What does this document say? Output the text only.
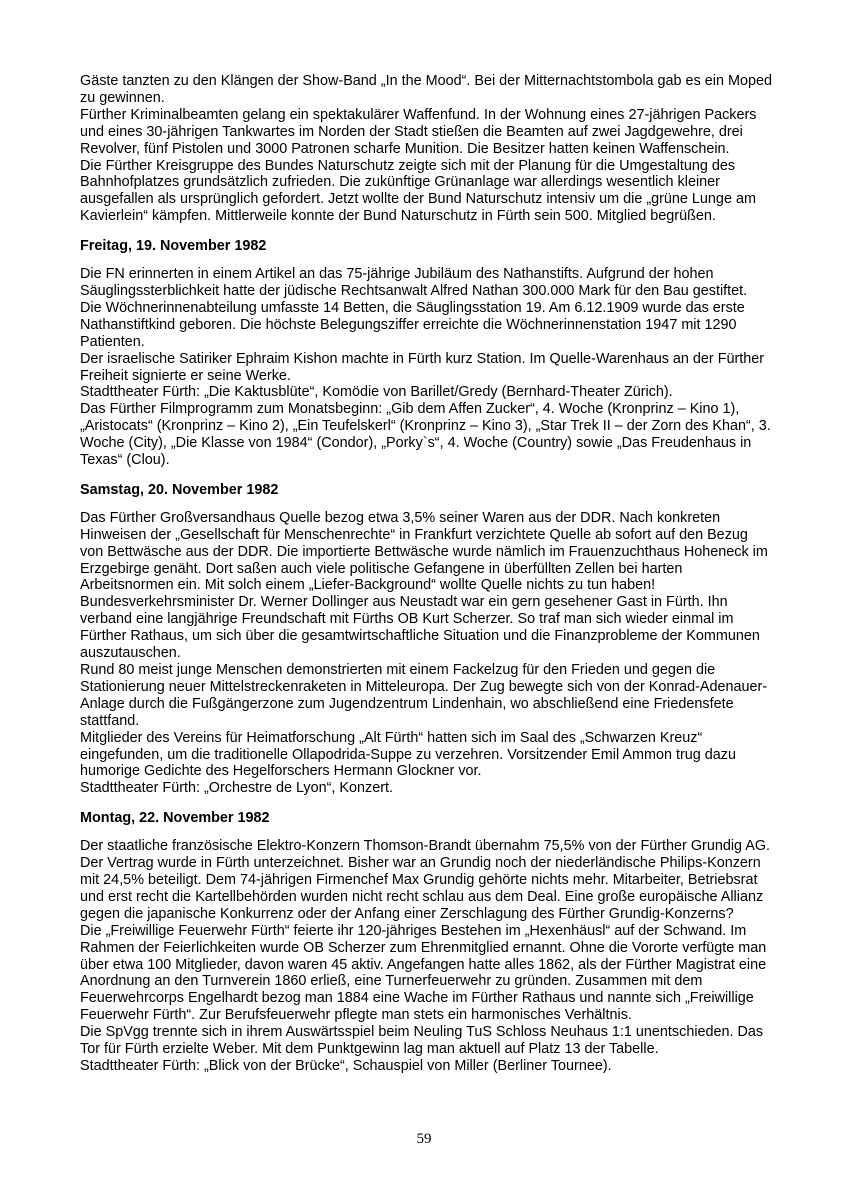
Gäste tanzten zu den Klängen der Show-Band „In the Mood“. Bei der Mitternachtstombola gab es ein Moped zu gewinnen.

Fürther Kriminalbeamten gelang ein spektakulärer Waffenfund. In der Wohnung eines 27-jährigen Packers und eines 30-jährigen Tankwartes im Norden der Stadt stießen die Beamten auf zwei Jagdgewehre, drei Revolver, fünf Pistolen und 3000 Patronen scharfe Munition. Die Besitzer hatten keinen Waffenschein.

Die Fürther Kreisgruppe des Bundes Naturschutz zeigte sich mit der Planung für die Umgestaltung des Bahnhofplatzes grundsätzlich zufrieden. Die zukünftige Grünanlage war allerdings wesentlich kleiner ausgefallen als ursprünglich gefordert. Jetzt wollte der Bund Naturschutz intensiv um die „grüne Lunge am Kavierlein“ kämpfen. Mittlerweile konnte der Bund Naturschutz in Fürth sein 500. Mitglied begrüßen.

Freitag, 19. November 1982

Die FN erinnerten in einem Artikel an das 75-jährige Jubiläum des Nathanstifts. Aufgrund der hohen Säuglingssterblichkeit hatte der jüdische Rechtsanwalt Alfred Nathan 300.000 Mark für den Bau gestiftet. Die Wöchnerinnenabteilung umfasste 14 Betten, die Säuglingsstation 19. Am 6.12.1909 wurde das erste Nathanstiftkind geboren. Die höchste Belegungsziffer erreichte die Wöchnerinnenstation 1947 mit 1290 Patienten.

Der israelische Satiriker Ephraim Kishon machte in Fürth kurz Station. Im Quelle-Warenhaus an der Fürther Freiheit signierte er seine Werke.

Stadttheater Fürth: „Die Kaktusblüte“, Komödie von Barillet/Gredy (Bernhard-Theater Zürich).

Das Fürther Filmprogramm zum Monatsbeginn: „Gib dem Affen Zucker“, 4. Woche (Kronprinz – Kino 1), „Aristocats“ (Kronprinz – Kino 2), „Ein Teufelskerl“ (Kronprinz – Kino 3), „Star Trek II – der Zorn des Khan“, 3. Woche (City), „Die Klasse von 1984“ (Condor), „Porky`s“, 4. Woche (Country) sowie „Das Freudenhaus in Texas“ (Clou).

Samstag, 20. November 1982

Das Fürther Großversandhaus Quelle bezog etwa 3,5% seiner Waren aus der DDR. Nach konkreten Hinweisen der „Gesellschaft für Menschenrechte“ in Frankfurt verzichtete Quelle ab sofort auf den Bezug von Bettwäsche aus der DDR. Die importierte Bettwäsche wurde nämlich im Frauenzuchthaus Hoheneck im Erzgebirge genäht. Dort saßen auch viele politische Gefangene in überfüllten Zellen bei harten Arbeitsnormen ein. Mit solch einem „Liefer-Background“ wollte Quelle nichts zu tun haben!

Bundesverkehrsminister Dr. Werner Dollinger aus Neustadt war ein gern gesehener Gast in Fürth. Ihn verband eine langjährige Freundschaft mit Fürths OB Kurt Scherzer. So traf man sich wieder einmal im Fürther Rathaus, um sich über die gesamtwirtschaftliche Situation und die Finanzprobleme der Kommunen auszutauschen.

Rund 80 meist junge Menschen demonstrierten mit einem Fackelzug für den Frieden und gegen die Stationierung neuer Mittelstreckenraketen in Mitteleuropa. Der Zug bewegte sich von der Konrad-Adenauer-Anlage durch die Fußgängerzone zum Jugendzentrum Lindenhain, wo abschließend eine Friedensfete stattfand.

Mitglieder des Vereins für Heimatforschung „Alt Fürth“ hatten sich im Saal des „Schwarzen Kreuz“ eingefunden, um die traditionelle Ollapodrida-Suppe zu verzehren. Vorsitzender Emil Ammon trug dazu humorige Gedichte des Hegelforschers Hermann Glockner vor.

Stadttheater Fürth: „Orchestre de Lyon“, Konzert.

Montag, 22. November 1982

Der staatliche französische Elektro-Konzern Thomson-Brandt übernahm 75,5% von der Fürther Grundig AG. Der Vertrag wurde in Fürth unterzeichnet. Bisher war an Grundig noch der niederländische Philips-Konzern mit 24,5% beteiligt. Dem 74-jährigen Firmenchef Max Grundig gehörte nichts mehr. Mitarbeiter, Betriebsrat und erst recht die Kartellbehörden wurden nicht recht schlau aus dem Deal. Eine große europäische Allianz gegen die japanische Konkurrenz oder der Anfang einer Zerschlagung des Fürther Grundig-Konzerns?

Die „Freiwillige Feuerwehr Fürth“ feierte ihr 120-jähriges Bestehen im „Hexenhäusl“ auf der Schwand. Im Rahmen der Feierlichkeiten wurde OB Scherzer zum Ehrenmitglied ernannt. Ohne die Vororte verfügte man über etwa 100 Mitglieder, davon waren 45 aktiv. Angefangen hatte alles 1862, als der Fürther Magistrat eine Anordnung an den Turnverein 1860 erließ, eine Turnerfeuerwehr zu gründen. Zusammen mit dem Feuerwehrcorps Engelhardt bezog man 1884 eine Wache im Fürther Rathaus und nannte sich „Freiwillige Feuerwehr Fürth“. Zur Berufsfeuerwehr pflegte man stets ein harmonisches Verhältnis.

Die SpVgg trennte sich in ihrem Auswärtsspiel beim Neuling TuS Schloss Neuhaus 1:1 unentschieden. Das Tor für Fürth erzielte Weber. Mit dem Punktgewinn lag man aktuell auf Platz 13 der Tabelle.

Stadttheater Fürth: „Blick von der Brücke“, Schauspiel von Miller (Berliner Tournee).

59
